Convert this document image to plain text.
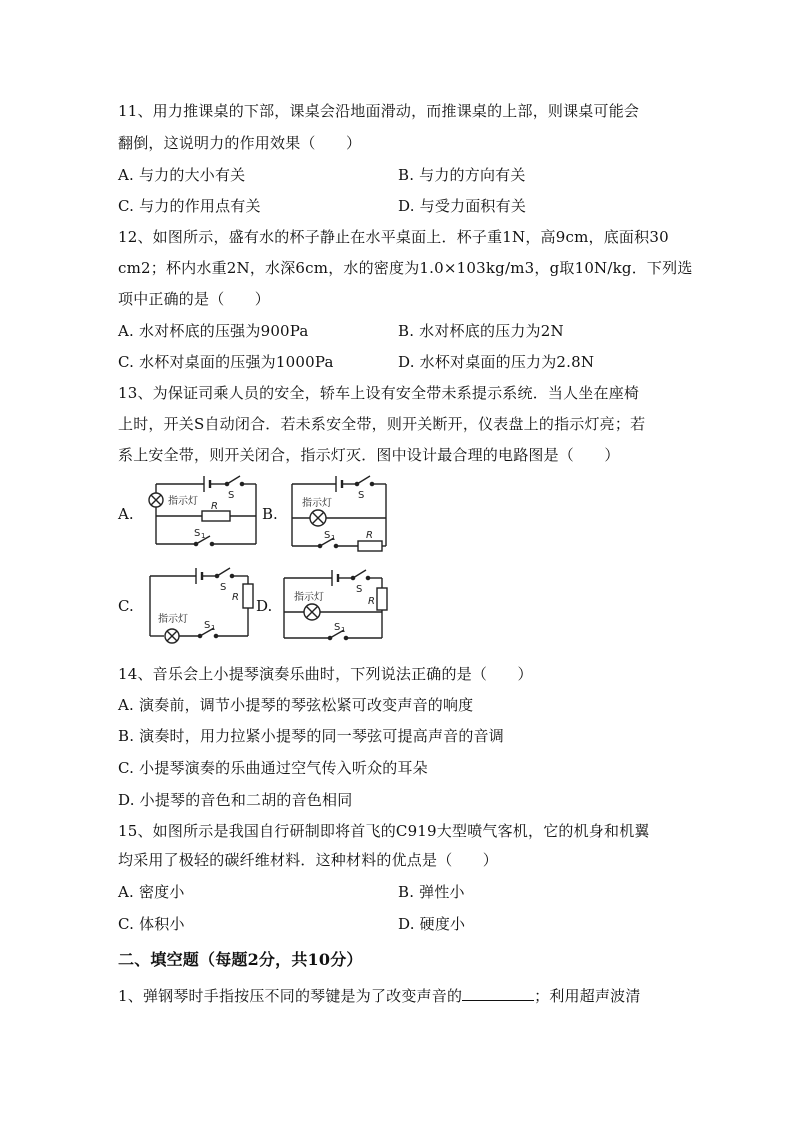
11、用力推课桌的下部，课桌会沿地面滑动，而推课桌的上部，则课桌可能会
翻倒，这说明力的作用效果（　　）
A. 与力的大小有关	B. 与力的方向有关
C. 与力的作用点有关	D. 与受力面积有关
12、如图所示，盛有水的杯子静止在水平桌面上．杯子重1N，高9cm，底面积30
cm2；杯内水重2N，水深6cm，水的密度为1.0×103kg/m3，g取10N/kg．下列选
项中正确的是（　　）
A. 水对杯底的压强为900Pa	B. 水对杯底的压力为2N
C. 水杯对桌面的压强为1000Pa	D. 水杯对桌面的压力为2.8N
13、为保证司乘人员的安全，轿车上设有安全带未系提示系统．当人坐在座椅
上时，开关S自动闭合．若未系安全带，则开关断开，仪表盘上的指示灯亮；若
系上安全带，则开关闭合，指示灯灭．图中设计最合理的电路图是（　　）
A.
指示灯
S
R
S 1
B.
指示灯
S
S 1	R
C.
指示灯
S
S 1
R D. 指示灯
S
S 1
R
14、音乐会上小提琴演奏乐曲时，下列说法正确的是（　　）
A. 演奏前，调节小提琴的琴弦松紧可改变声音的响度
B. 演奏时，用力拉紧小提琴的同一琴弦可提高声音的音调
C. 小提琴演奏的乐曲通过空气传入听众的耳朵
D. 小提琴的音色和二胡的音色相同
15、如图所示是我国自行研制即将首飞的C919大型喷气客机，它的机身和机翼
均采用了极轻的碳纤维材料．这种材料的优点是（　　）
A. 密度小	B. 弹性小
C. 体积小	D. 硬度小
二、填空题（每题2分，共10分）
1、弹钢琴时手指按压不同的琴键是为了改变声音的	；利用超声波清
